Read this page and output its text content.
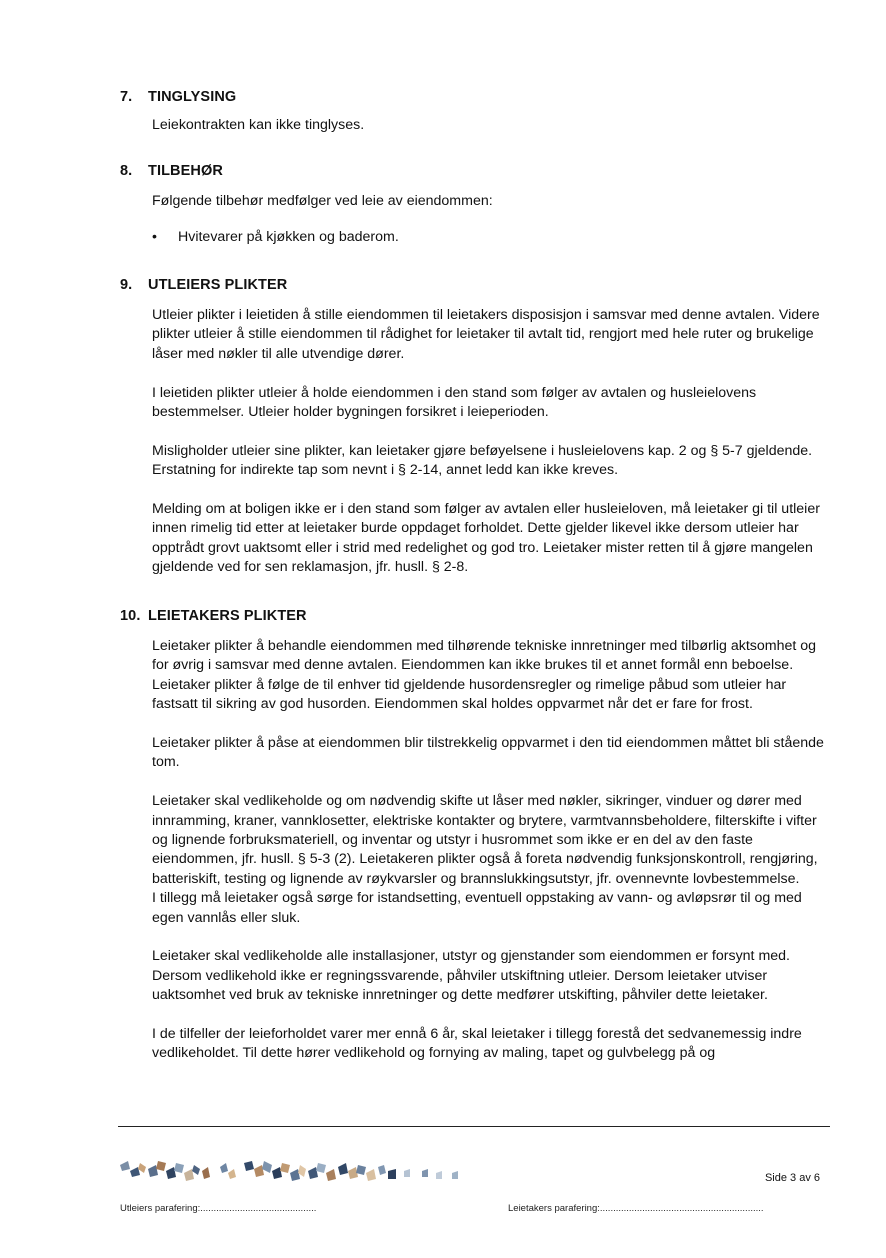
7. TINGLYSING

Leiekontrakten kan ikke tinglyses.

8. TILBEHØR

Følgende tilbehør medfølger ved leie av eiendommen:

• Hvitevarer på kjøkken og baderom.
9. UTLEIERS PLIKTER

Utleier plikter i leietiden å stille eiendommen til leietakers disposisjon i samsvar med denne avtalen. Videre plikter utleier å stille eiendommen til rådighet for leietaker til avtalt tid, rengjort med hele ruter og brukelige låser med nøkler til alle utvendige dører.

I leietiden plikter utleier å holde eiendommen i den stand som følger av avtalen og husleielovens bestemmelser. Utleier holder bygningen forsikret i leieperioden.

Misligholder utleier sine plikter, kan leietaker gjøre beføyelsene i husleielovens kap. 2 og § 5-7 gjeldende. Erstatning for indirekte tap som nevnt i § 2-14, annet ledd kan ikke kreves.

Melding om at boligen ikke er i den stand som følger av avtalen eller husleieloven, må leietaker gi til utleier innen rimelig tid etter at leietaker burde oppdaget forholdet. Dette gjelder likevel ikke dersom utleier har opptrådt grovt uaktsomt eller i strid med redelighet og god tro. Leietaker mister retten til å gjøre mangelen gjeldende ved for sen reklamasjon, jfr. husll. § 2-8.

10. LEIETAKERS PLIKTER

Leietaker plikter å behandle eiendommen med tilhørende tekniske innretninger med tilbørlig aktsomhet og for øvrig i samsvar med denne avtalen. Eiendommen kan ikke brukes til et annet formål enn beboelse. Leietaker plikter å følge de til enhver tid gjeldende husordensregler og rimelige påbud som utleier har fastsatt til sikring av god husorden. Eiendommen skal holdes oppvarmet når det er fare for frost.

Leietaker plikter å påse at eiendommen blir tilstrekkelig oppvarmet i den tid eiendommen måttet bli stående tom.

Leietaker skal vedlikeholde og om nødvendig skifte ut låser med nøkler, sikringer, vinduer og dører med innramming, kraner, vannklosetter, elektriske kontakter og brytere, varmtvannsbeholdere, filterskifte i vifter og lignende forbruksmateriell, og inventar og utstyr i husrommet som ikke er en del av den faste eiendommen, jfr. husll. § 5-3 (2). Leietakeren plikter også å foreta nødvendig funksjonskontroll, rengjøring, batteriskift, testing og lignende av røykvarsler og brannslukkingsutstyr, jfr. ovennevnte lovbestemmelse.

I tillegg må leietaker også sørge for istandsetting, eventuell oppstaking av vann- og avløpsrør til og med egen vannlås eller sluk.

Leietaker skal vedlikeholde alle installasjoner, utstyr og gjenstander som eiendommen er forsynt med. Dersom vedlikehold ikke er regningssvarende, påhviler utskiftning utleier. Dersom leietaker utviser uaktsomhet ved bruk av tekniske innretninger og dette medfører utskifting, påhviler dette leietaker.

I de tilfeller der leieforholdet varer mer ennå 6 år, skal leietaker i tillegg forestå det sedvanemessig indre vedlikeholdet. Til dette hører vedlikehold og fornying av maling, tapet og gulvbelegg på og

Side 3 av 6
Utleiers parafering:............................................	Leietakers parafering:..............................................................
